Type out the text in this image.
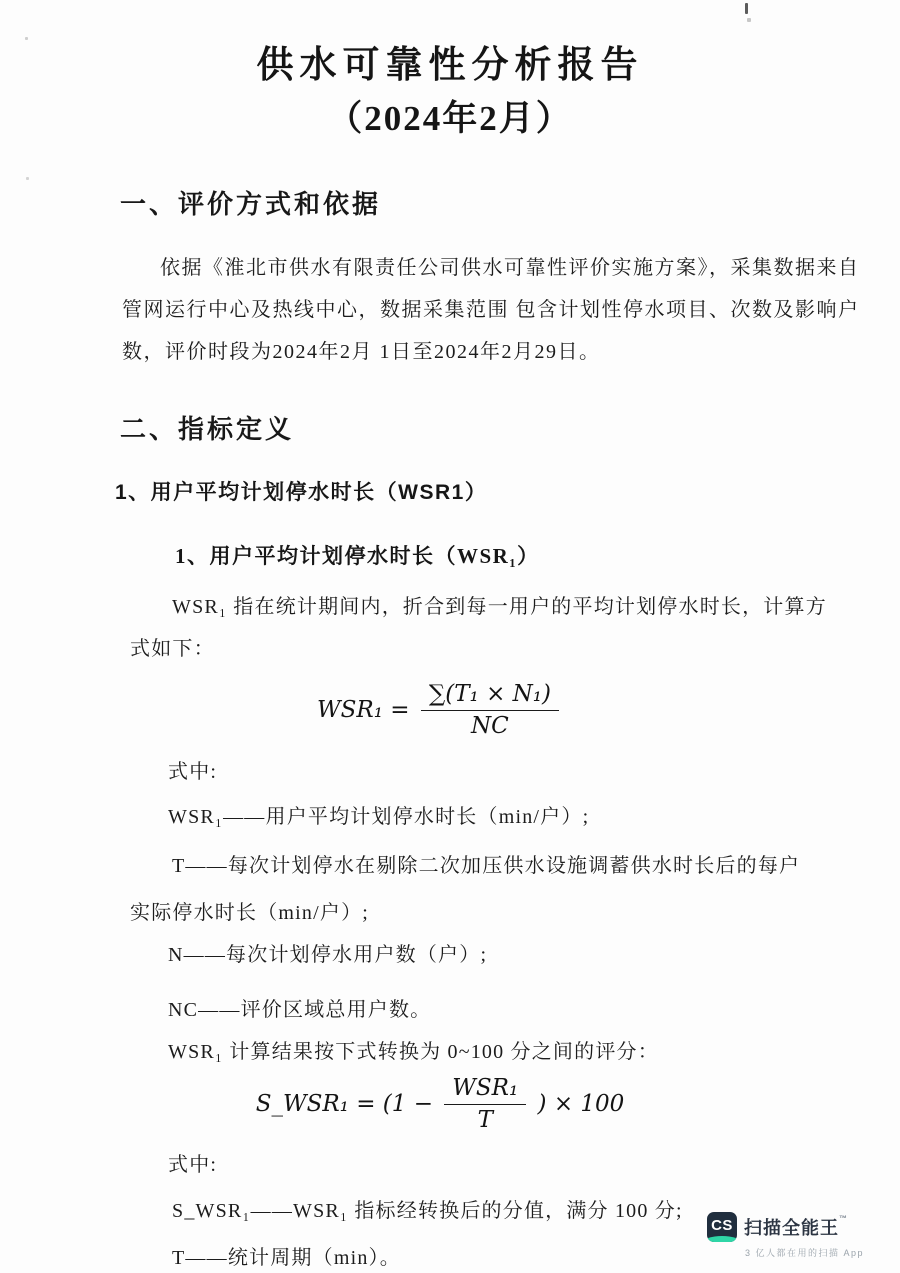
供水可靠性分析报告
（2024年2月）
一、评价方式和依据
依据《淮北市供水有限责任公司供水可靠性评价实施方案》，采集数据来自
管网运行中心及热线中心，数据采集范围 包含计划性停水项目、次数及影响户
数，评价时段为2024年2月 1日至2024年2月29日。
二、指标定义
1、用户平均计划停水时长（WSR1）
1、用户平均计划停水时长（WSR₁）
WSR₁ 指在统计期间内，折合到每一用户的平均计划停水时长，计算方
式如下：
$WSR_1 = \frac{\text{∑(T₁ × N₁)}}{NC}$
式中:
WSR₁——用户平均计划停水时长（min/户）;
T——每次计划停水在剔除二次加压供水设施调蓄供水时长后的每户
实际停水时长（min/户）;
N——每次计划停水用户数（户）;
NC——评价区域总用户数。
WSR₁ 计算结果按下式转换为 0~100 分之间的评分：
S_WSR₁ = ($1 - \frac{\text{WSR₁}}{T}$ ) × 100
式中:
S_WSR₁——WSR₁ 指标经转换后的分值，满分 100 分;
T——统计周期（min）。
CS 扫描全能王™
3 亿人都在用的扫描 App
